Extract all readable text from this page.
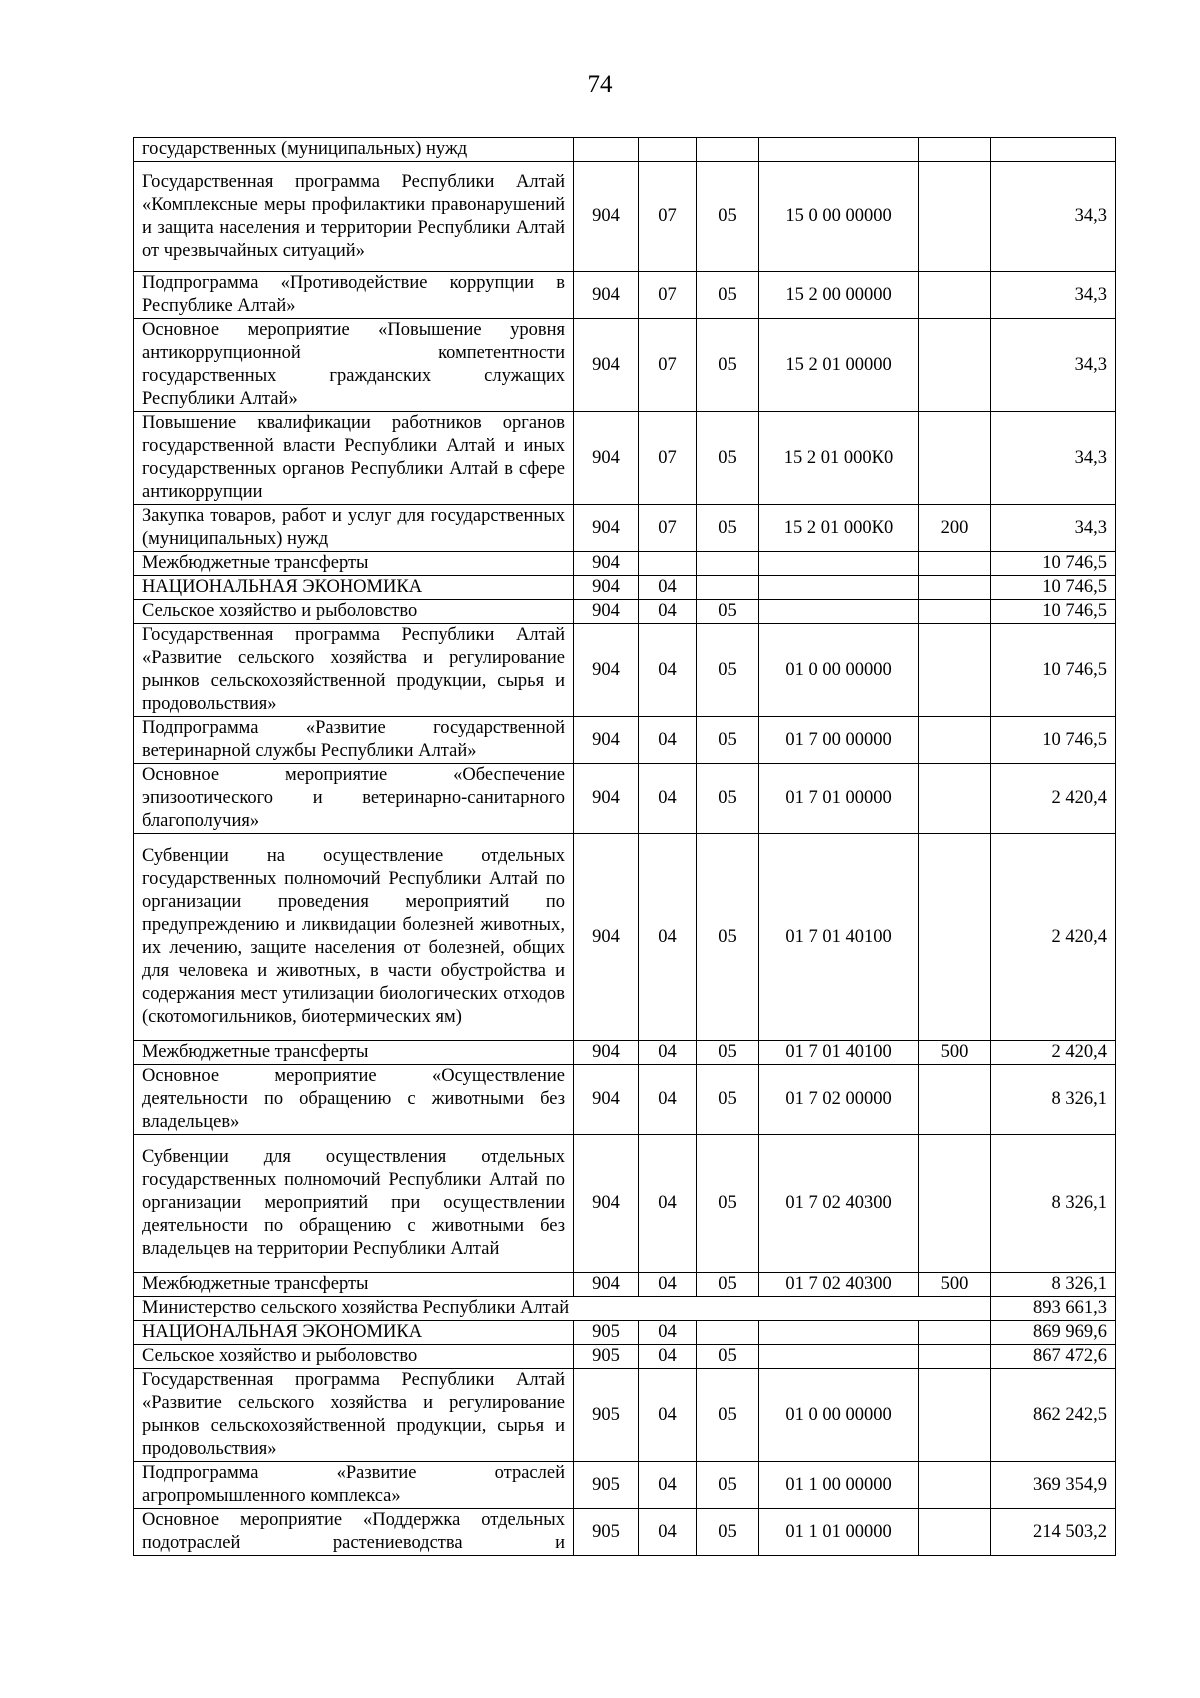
74
государственных (муниципальных) нужд						
Государственная программа Республики Алтай «Комплексные меры профилактики правонарушений и защита населения и территории Республики Алтай от чрезвычайных ситуаций»	904	07	05	15 0 00 00000		34,3
Подпрограмма «Противодействие коррупции в Республике Алтай»	904	07	05	15 2 00 00000		34,3
Основное мероприятие «Повышение уровня антикоррупционной компетентности государственных гражданских служащих Республики Алтай»	904	07	05	15 2 01 00000		34,3
Повышение квалификации работников органов государственной власти Республики Алтай и иных государственных органов Республики Алтай в сфере антикоррупции	904	07	05	15 2 01 000К0		34,3
Закупка товаров, работ и услуг для государственных (муниципальных) нужд	904	07	05	15 2 01 000К0	200	34,3
Межбюджетные трансферты	904					10 746,5
НАЦИОНАЛЬНАЯ ЭКОНОМИКА	904	04				10 746,5
Сельское хозяйство и рыболовство	904	04	05			10 746,5
Государственная программа Республики Алтай «Развитие сельского хозяйства и регулирование рынков сельскохозяйственной продукции, сырья и продовольствия»	904	04	05	01 0 00 00000		10 746,5
Подпрограмма «Развитие государственной ветеринарной службы Республики Алтай»	904	04	05	01 7 00 00000		10 746,5
Основное мероприятие «Обеспечение эпизоотического и ветеринарно-санитарного благополучия»	904	04	05	01 7 01 00000		2 420,4
Субвенции на осуществление отдельных государственных полномочий Республики Алтай по организации проведения мероприятий по предупреждению и ликвидации болезней животных, их лечению, защите населения от болезней, общих для человека и животных, в части обустройства и содержания мест утилизации биологических отходов (скотомогильников, биотермических ям)	904	04	05	01 7 01 40100		2 420,4
Межбюджетные трансферты	904	04	05	01 7 01 40100	500	2 420,4
Основное мероприятие «Осуществление деятельности по обращению с животными без владельцев»	904	04	05	01 7 02 00000		8 326,1
Субвенции для осуществления отдельных государственных полномочий Республики Алтай по организации мероприятий при осуществлении деятельности по обращению с животными без владельцев на территории Республики Алтай	904	04	05	01 7 02 40300		8 326,1
Межбюджетные трансферты	904	04	05	01 7 02 40300	500	8 326,1
Министерство сельского хозяйства Республики Алтай						893 661,3
НАЦИОНАЛЬНАЯ ЭКОНОМИКА	905	04				869 969,6
Сельское хозяйство и рыболовство	905	04	05			867 472,6
Государственная программа Республики Алтай «Развитие сельского хозяйства и регулирование рынков сельскохозяйственной продукции, сырья и продовольствия»	905	04	05	01 0 00 00000		862 242,5
Подпрограмма «Развитие отраслей агропромышленного комплекса»	905	04	05	01 1 00 00000		369 354,9
Основное мероприятие «Поддержка отдельных подотраслей растениеводства и	905	04	05	01 1 01 00000		214 503,2
